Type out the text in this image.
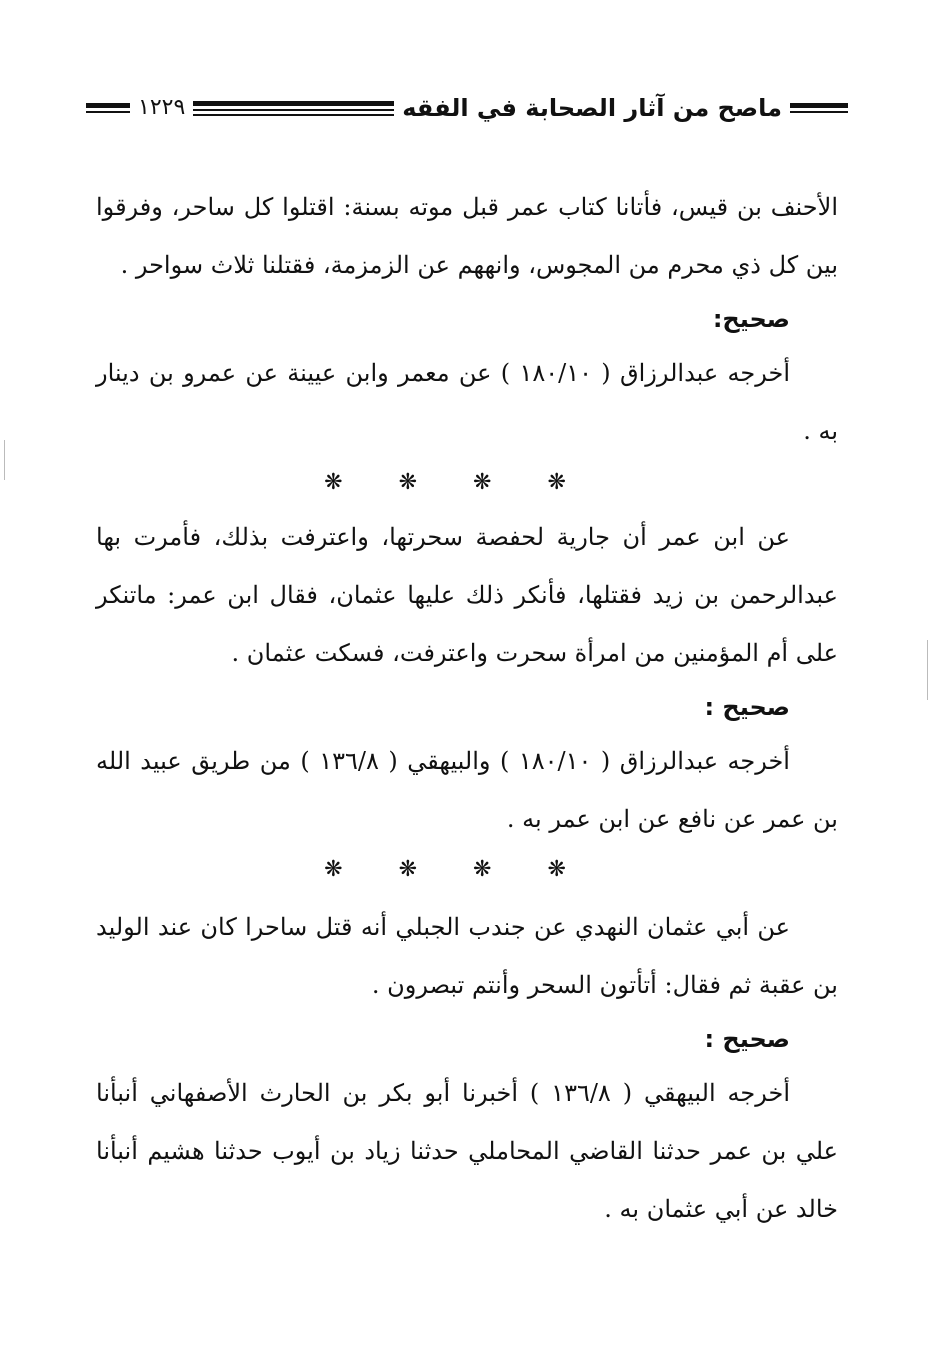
ماصح من آثار الصحابة في الفقه
١٢٢٩

الأحنف بن قيس، فأتانا كتاب عمر قبل موته بسنة: اقتلوا كل ساحر، وفرقوا بين كل ذي محرم من المجوس، وانههم عن الزمزمة، فقتلنا ثلاث سواحر .

صحيح:

أخرجه عبدالرزاق ( ١٨٠/١٠ ) عن معمر وابن عيينة عن عمرو بن دينار به .

❋	❋	❋	❋

عن ابن عمر أن جارية لحفصة سحرتها، واعترفت بذلك، فأمرت بها عبدالرحمن بن زيد فقتلها، فأنكر ذلك عليها عثمان، فقال ابن عمر: ماتنكر على أم المؤمنين من امرأة سحرت واعترفت، فسكت عثمان .

صحيح :

أخرجه عبدالرزاق ( ١٨٠/١٠ ) والبيهقي ( ١٣٦/٨ ) من طريق عبيد الله بن عمر عن نافع عن ابن عمر به .

❋	❋	❋	❋

عن أبي عثمان النهدي عن جندب الجبلي أنه قتل ساحرا كان عند الوليد بن عقبة ثم فقال: أتأتون السحر وأنتم تبصرون .

صحيح :

أخرجه البيهقي ( ١٣٦/٨ ) أخبرنا أبو بكر بن الحارث الأصفهاني أنبأنا علي بن عمر حدثنا القاضي المحاملي حدثنا زياد بن أيوب حدثنا هشيم أنبأنا خالد عن أبي عثمان به .
